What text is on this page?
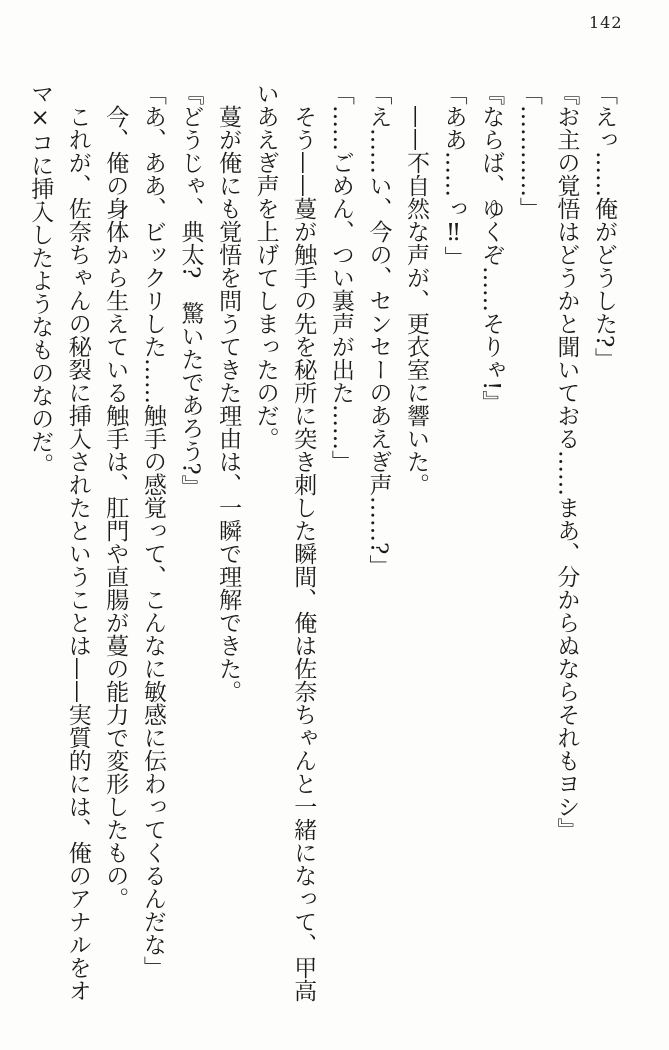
142

「えっ……俺がどうした?」

『お主の覚悟はどうかと聞いておる……まあ、分からぬならそれもヨシ』

「…………」

『ならば、ゆくぞ……そりゃ!』

「ああ……っ‼」

　——不自然な声が、更衣室に響いた。

「え……い、今の、センセーのあえぎ声……?」

「……ごめん、つい裏声が出た……」

　そう——蔓が触手の先を秘所に突き刺した瞬間、俺は佐奈ちゃんと一緒になって、甲高いあえぎ声を上げてしまったのだ。

　蔓が俺にも覚悟を問うてきた理由は、一瞬で理解できた。

『どうじゃ、典太?　驚いたであろう?』

「あ、ああ、ビックリした……触手の感覚って、こんなに敏感に伝わってくるんだな」

　今、俺の身体から生えている触手は、肛門や直腸が蔓の能力で変形したもの。

　これが、佐奈ちゃんの秘裂に挿入されたということは——実質的には、俺のアナルをオマ×コに挿入したようなものなのだ。
